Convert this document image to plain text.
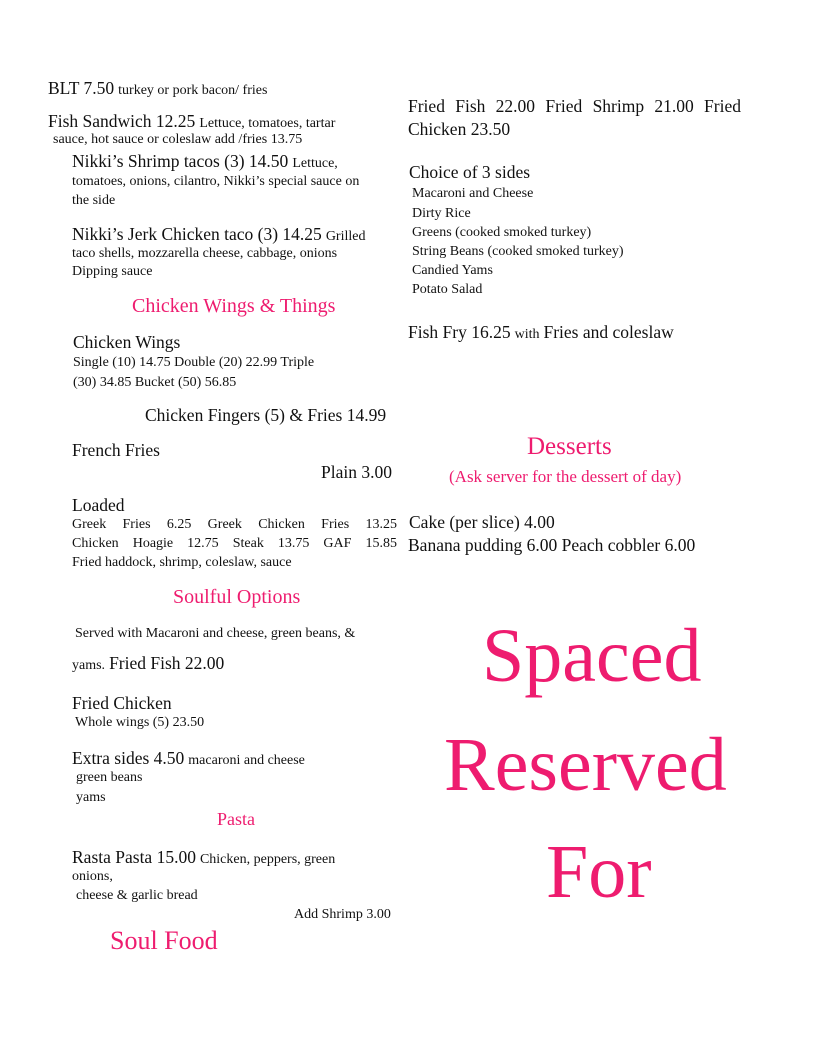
BLT 7.50 turkey or pork bacon/ fries
Fish Sandwich 12.25 Lettuce, tomatoes, tartar
sauce, hot sauce or coleslaw add /fries 13.75
Nikki’s Shrimp tacos (3) 14.50 Lettuce,
tomatoes, onions, cilantro, Nikki’s special sauce on
the side
Nikki’s Jerk Chicken taco (3) 14.25 Grilled
taco shells, mozzarella cheese, cabbage, onions
Dipping sauce
Chicken Wings & Things
Chicken Wings
Single (10) 14.75 Double (20) 22.99 Triple
(30) 34.85 Bucket (50) 56.85
Chicken Fingers (5) & Fries 14.99
French Fries
Plain 3.00
Loaded
Greek Fries 6.25 Greek Chicken Fries 13.25
Chicken Hoagie 12.75 Steak 13.75 GAF 15.85
Fried haddock, shrimp, coleslaw, sauce
Soulful Options
Served with Macaroni and cheese, green beans, &
yams. Fried Fish 22.00
Fried Chicken
Whole wings (5) 23.50
Extra sides 4.50 macaroni and cheese
green beans
yams
Pasta
Rasta Pasta 15.00 Chicken, peppers, green
onions,
cheese & garlic bread
Add Shrimp 3.00
Soul Food
Fried Fish 22.00 Fried Shrimp 21.00 Fried
Chicken 23.50
Choice of 3 sides
Macaroni and Cheese
Dirty Rice
Greens (cooked smoked turkey)
String Beans (cooked smoked turkey)
Candied Yams
Potato Salad
Fish Fry 16.25 with Fries and coleslaw
Desserts
(Ask server for the dessert of day)
Cake (per slice) 4.00
Banana pudding 6.00 Peach cobbler 6.00
Spaced
Reserved
For
